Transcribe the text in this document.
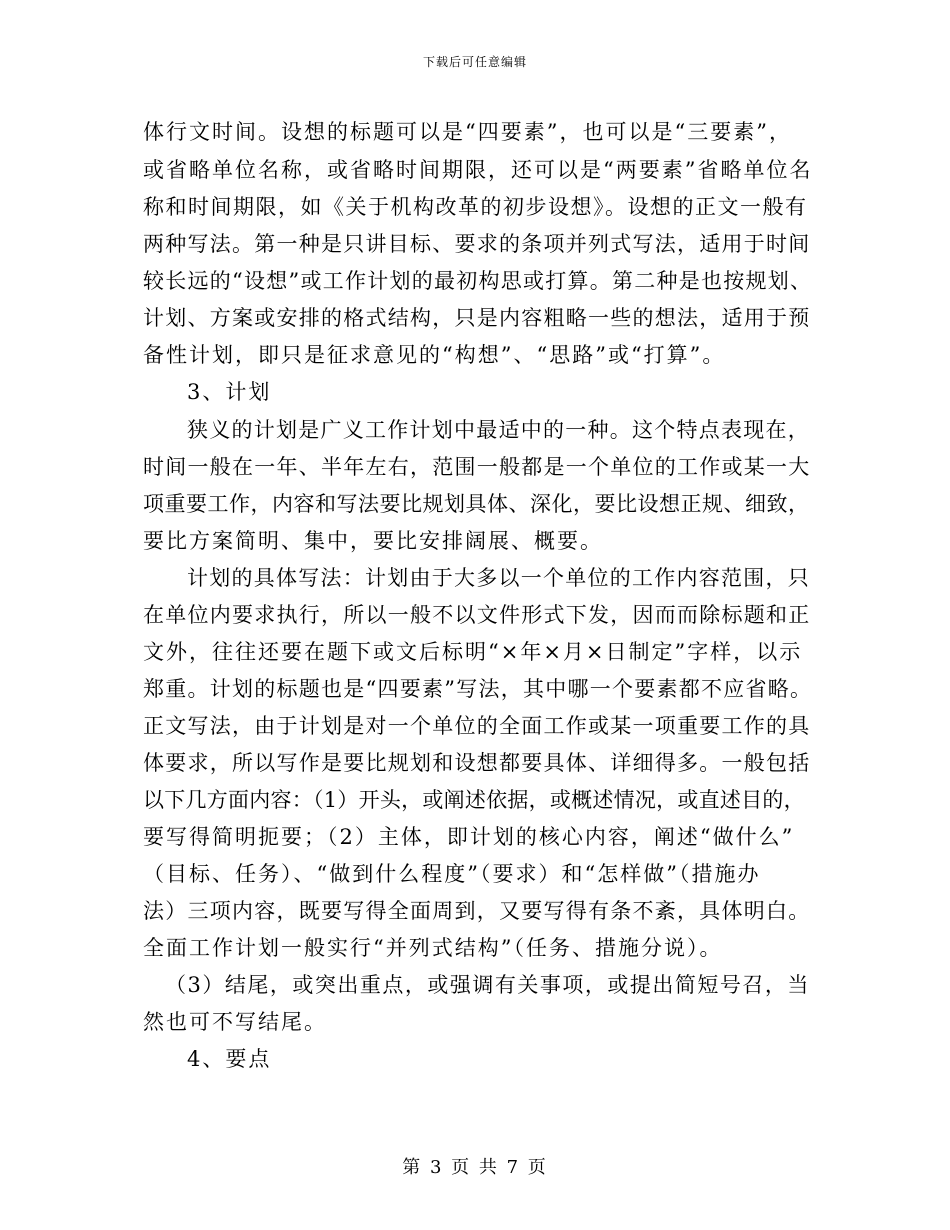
下载后可任意编辑
体行文时间。设想的标题可以是“四要素”，也可以是“三要素”，
或省略单位名称，或省略时间期限，还可以是“两要素”省略单位名
称和时间期限，如《关于机构改革的初步设想》。设想的正文一般有
两种写法。第一种是只讲目标、要求的条项并列式写法，适用于时间
较长远的“设想”或工作计划的最初构思或打算。第二种是也按规划、
计划、方案或安排的格式结构，只是内容粗略一些的想法，适用于预
备性计划，即只是征求意见的“构想”、“思路”或“打算”。
3、计划
狭义的计划是广义工作计划中最适中的一种。这个特点表现在，
时间一般在一年、半年左右，范围一般都是一个单位的工作或某一大
项重要工作，内容和写法要比规划具体、深化，要比设想正规、细致，
要比方案简明、集中，要比安排阔展、概要。
计划的具体写法：计划由于大多以一个单位的工作内容范围，只
在单位内要求执行，所以一般不以文件形式下发，因而而除标题和正
文外，往往还要在题下或文后标明“×年×月×日制定”字样，以示
郑重。计划的标题也是“四要素”写法，其中哪一个要素都不应省略。
正文写法，由于计划是对一个单位的全面工作或某一项重要工作的具
体要求，所以写作是要比规划和设想都要具体、详细得多。一般包括
以下几方面内容：（1）开头，或阐述依据，或概述情况，或直述目的，
要写得简明扼要；（2）主体，即计划的核心内容，阐述“做什么”
（目标、任务）、“做到什么程度”（要求）和“怎样做”（措施办
法）三项内容，既要写得全面周到，又要写得有条不紊，具体明白。
全面工作计划一般实行“并列式结构”（任务、措施分说）。
（3）结尾，或突出重点，或强调有关事项，或提出简短号召，当
然也可不写结尾。
4、要点
第 3 页 共 7 页
